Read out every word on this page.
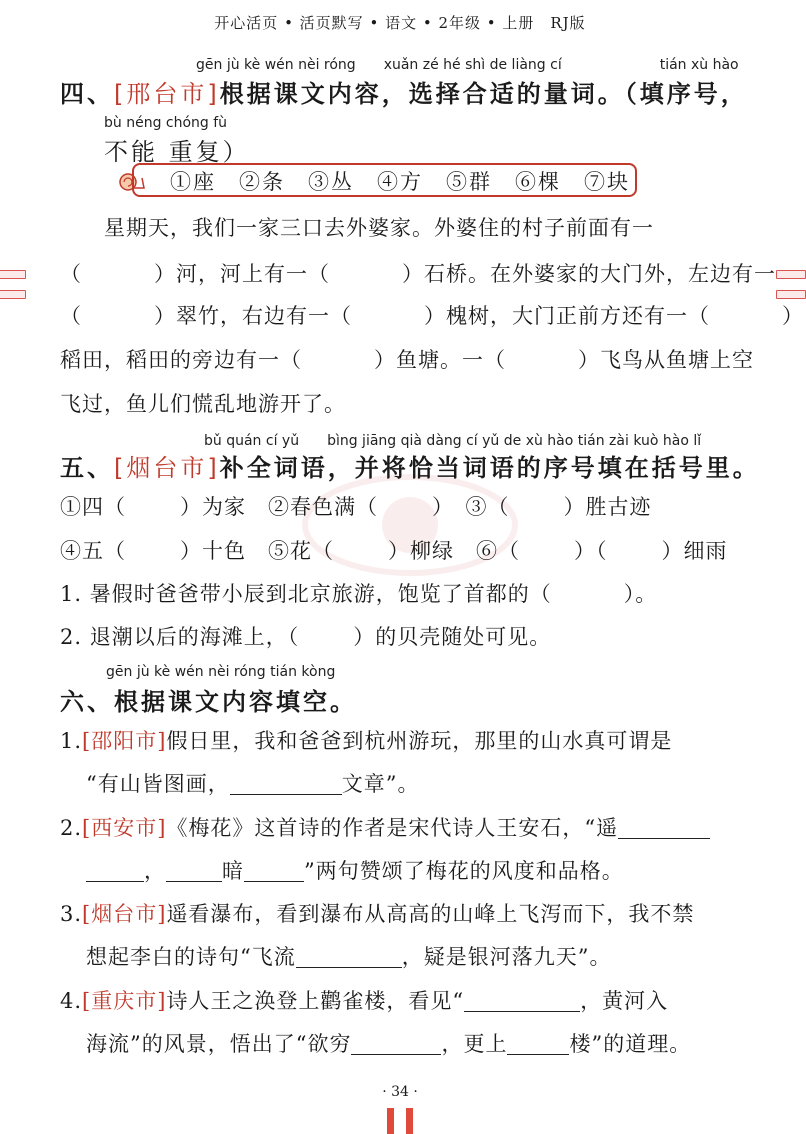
开心活页 • 活页默写 • 语文 • 2年级 • 上册　RJ版
gēn jù kè wén nèi róng　　xuǎn zé hé shì de liàng cí　　　　　　　tián xù hào
四、[邢台市]根据课文内容，选择合适的量词。（填序号，
bù néng chóng fù
不能 重复）
①座　②条　③丛　④方　⑤群　⑥棵　⑦块
星期天，我们一家三口去外婆家。外婆住的村子前面有一
（	）河，河上有一（	）石桥。在外婆家的大门外，左边有一
（	）翠竹，右边有一（	）槐树，大门正前方还有一（	）
稻田，稻田的旁边有一（	）鱼塘。一（	）飞鸟从鱼塘上空
飞过，鱼儿们慌乱地游开了。
bǔ quán cí yǔ　　bìng jiāng qià dàng cí yǔ de xù hào tián zài kuò hào lǐ
五、[烟台市]补全词语，并将恰当词语的序号填在括号里。
①四（	）为家　②春色满（	）　③（	）胜古迹
④五（	）十色　⑤花（	）柳绿　⑥（	）（	）细雨
1. 暑假时爸爸带小辰到北京旅游，饱览了首都的（	）。
2. 退潮以后的海滩上，（	）的贝壳随处可见。
gēn jù kè wén nèi róng tián kòng
六、根据课文内容填空。
1.[邵阳市]假日里，我和爸爸到杭州游玩，那里的山水真可谓是
“有山皆图画，	文章”。
2.[西安市]《梅花》这首诗的作者是宋代诗人王安石，“遥
，	暗	”两句赞颂了梅花的风度和品格。
3.[烟台市]遥看瀑布，看到瀑布从高高的山峰上飞泻而下，我不禁
想起李白的诗句“飞流	，疑是银河落九天”。
4.[重庆市]诗人王之涣登上鹳雀楼，看见“	，黄河入
海流”的风景，悟出了“欲穷	，更上	楼”的道理。
· 34 ·
